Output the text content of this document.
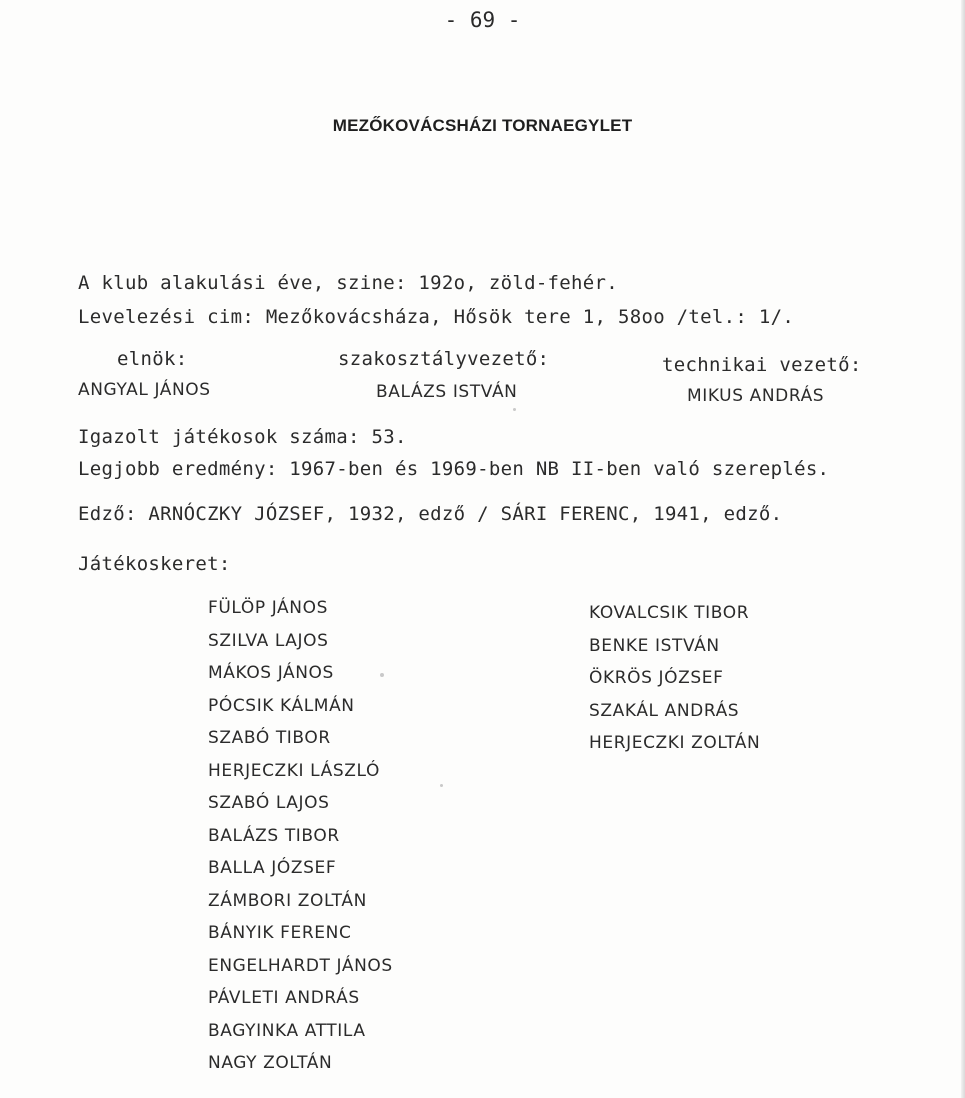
- 69 -
MEZŐKOVÁCSHÁZI TORNAEGYLET
A klub alakulási éve, szine: 192o, zöld-fehér.
Levelezési cim: Mezőkovácsháza, Hősök tere 1, 58oo /tel.: 1/.
elnök:	szakosztályvezető:	technikai vezető:
ANGYAL JÁNOS	BALÁZS ISTVÁN	MIKUS ANDRÁS
Igazolt játékosok száma: 53.
Legjobb eredmény: 1967-ben és 1969-ben NB II-ben való szereplés.
Edző: ARNÓCZKY JÓZSEF, 1932, edző / SÁRI FERENC, 1941, edző.
Játékoskeret:
FÜLÖP JÁNOS
SZILVA LAJOS
MÁKOS JÁNOS
PÓCSIK KÁLMÁN
SZABÓ TIBOR
HERJECZKI LÁSZLÓ
SZABÓ LAJOS
BALÁZS TIBOR
BALLA JÓZSEF
ZÁMBORI ZOLTÁN
BÁNYIK FERENC
ENGELHARDT JÁNOS
PÁVLETI ANDRÁS
BAGYINKA ATTILA
NAGY ZOLTÁN
KOVALCSIK TIBOR
BENKE ISTVÁN
ÖKRÖS JÓZSEF
SZAKÁL ANDRÁS
HERJECZKI ZOLTÁN
